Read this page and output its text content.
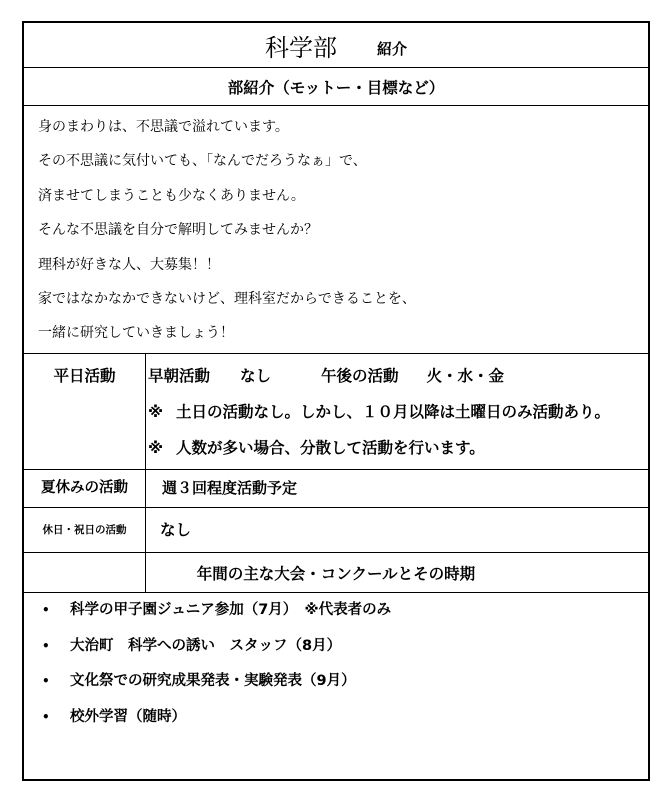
科学部	紹介
部紹介（モットー・目標など）
身のまわりは、不思議で溢れています。
その不思議に気付いても、「なんでだろうなぁ」で、
済ませてしまうことも少なくありません。
そんな不思議を自分で解明してみませんか？
理科が好きな人、大募集！！
家ではなかなかできないけど、理科室だからできることを、
一緒に研究していきましょう！
平日活動	早朝活動 なし	午後の活動 火・水・金
※ 土日の活動なし。しかし、１０月以降は土曜日のみ活動あり。
※ 人数が多い場合、分散して活動を行います。
夏休みの活動	週３回程度活動予定
休日・祝日の活動	なし
年間の主な大会・コンクールとその時期
• 科学の甲子園ジュニア参加（7月）　※代表者のみ
• 大治町　科学への誘い　スタッフ（8月）
• 文化祭での研究成果発表・実験発表（9月）
• 校外学習（随時）
